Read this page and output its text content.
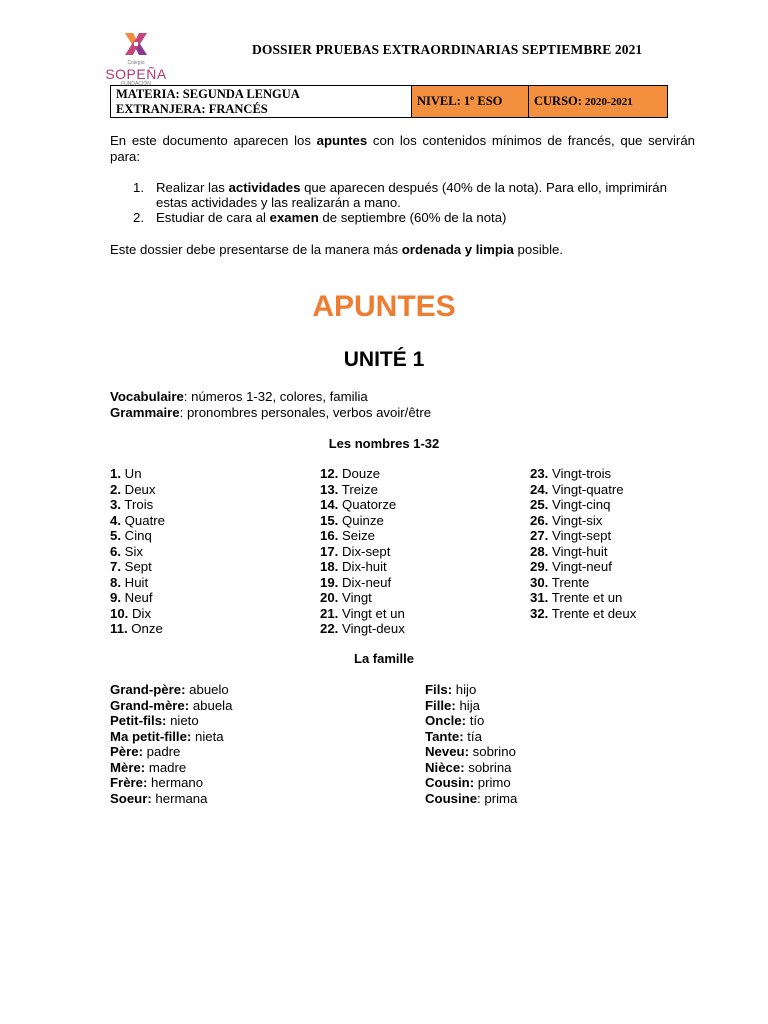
Colegio
SOPEÑA
FUNDACIÓN
DOSSIER PRUEBAS EXTRAORDINARIAS SEPTIEMBRE 2021
MATERIA: SEGUNDA LENGUA
EXTRANJERA: FRANCÉS
	NIVEL: 1º ESO	CURSO: 2020-2021
En este documento aparecen los apuntes con los contenidos mínimos de francés, que servirán para:
1. Realizar las actividades que aparecen después (40% de la nota). Para ello, imprimirán estas actividades y las realizarán a mano.
2. Estudiar de cara al examen de septiembre (60% de la nota)
Este dossier debe presentarse de la manera más ordenada y limpia posible.
APUNTES
UNITÉ 1
Vocabulaire: números 1-32, colores, familia
Grammaire: pronombres personales, verbos avoir/être
Les nombres 1-32
1. Un
2. Deux
3. Trois
4. Quatre
5. Cinq
6. Six
7. Sept
8. Huit
9. Neuf
10. Dix
11. Onze
12. Douze
13. Treize
14. Quatorze
15. Quinze
16. Seize
17. Dix-sept
18. Dix-huit
19. Dix-neuf
20. Vingt
21. Vingt et un
22. Vingt-deux
23. Vingt-trois
24. Vingt-quatre
25. Vingt-cinq
26. Vingt-six
27. Vingt-sept
28. Vingt-huit
29. Vingt-neuf
30. Trente
31. Trente et un
32. Trente et deux
La famille
Grand-père: abuelo
Grand-mère: abuela
Petit-fils: nieto
Ma petit-fille: nieta
Père: padre
Mère: madre
Frère: hermano
Soeur: hermana
Fils: hijo
Fille: hija
Oncle: tío
Tante: tía
Neveu: sobrino
Nièce: sobrina
Cousin: primo
Cousine: prima
